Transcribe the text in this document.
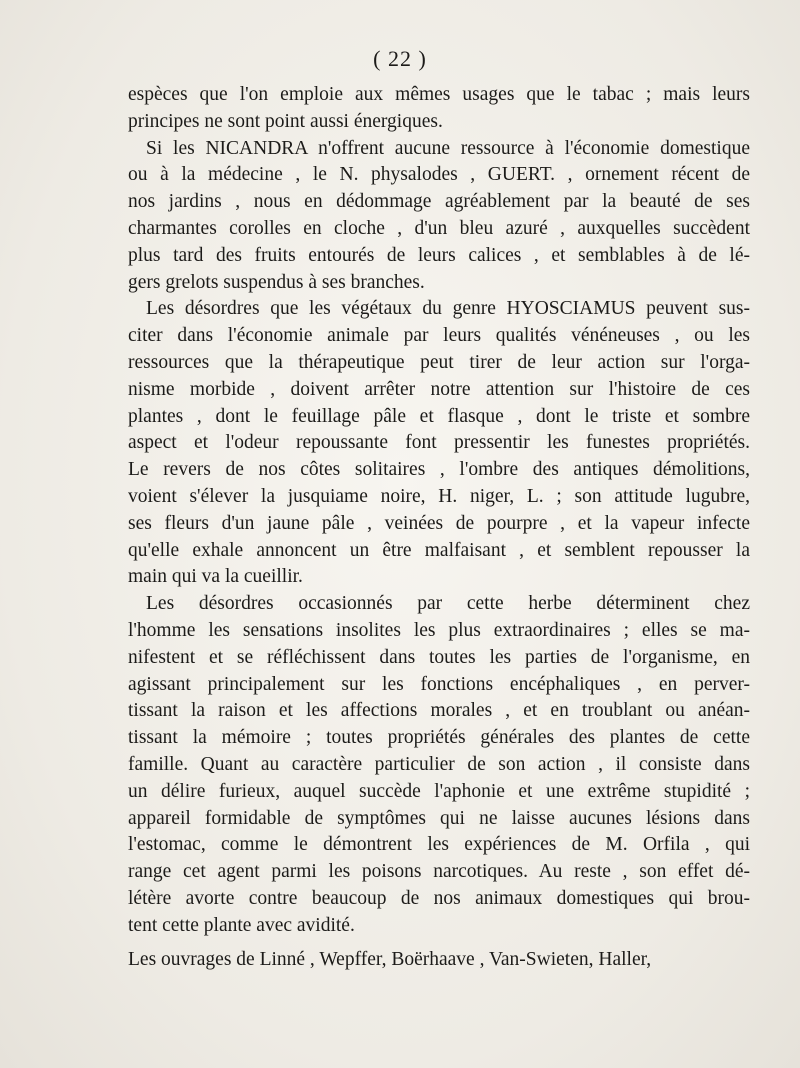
( 22 )
espèces que l'on emploie aux mêmes usages que le tabac ; mais leurs
principes ne sont point aussi énergiques.
Si les NICANDRA n'offrent aucune ressource à l'économie domestique
ou à la médecine , le N. physalodes , GUERT. , ornement récent de
nos jardins , nous en dédommage agréablement par la beauté de ses
charmantes corolles en cloche , d'un bleu azuré , auxquelles succèdent
plus tard des fruits entourés de leurs calices , et semblables à de lé-
gers grelots suspendus à ses branches.
Les désordres que les végétaux du genre HYOSCIAMUS peuvent sus-
citer dans l'économie animale par leurs qualités vénéneuses , ou les
ressources que la thérapeutique peut tirer de leur action sur l'orga-
nisme morbide , doivent arrêter notre attention sur l'histoire de ces
plantes , dont le feuillage pâle et flasque , dont le triste et sombre
aspect et l'odeur repoussante font pressentir les funestes propriétés.
Le revers de nos côtes solitaires , l'ombre des antiques démolitions,
voient s'élever la jusquiame noire, H. niger, L. ; son attitude lugubre,
ses fleurs d'un jaune pâle , veinées de pourpre , et la vapeur infecte
qu'elle exhale annoncent un être malfaisant , et semblent repousser la
main qui va la cueillir.
Les désordres occasionnés par cette herbe déterminent chez
l'homme les sensations insolites les plus extraordinaires ; elles se ma-
nifestent et se réfléchissent dans toutes les parties de l'organisme, en
agissant principalement sur les fonctions encéphaliques , en perver-
tissant la raison et les affections morales , et en troublant ou anéan-
tissant la mémoire ; toutes propriétés générales des plantes de cette
famille. Quant au caractère particulier de son action , il consiste dans
un délire furieux, auquel succède l'aphonie et une extrême stupidité ;
appareil formidable de symptômes qui ne laisse aucunes lésions dans
l'estomac, comme le démontrent les expériences de M. Orfila , qui
range cet agent parmi les poisons narcotiques. Au reste , son effet dé-
létère avorte contre beaucoup de nos animaux domestiques qui brou-
tent cette plante avec avidité.
Les ouvrages de Linné , Wepffer, Boërhaave , Van-Swieten, Haller,
